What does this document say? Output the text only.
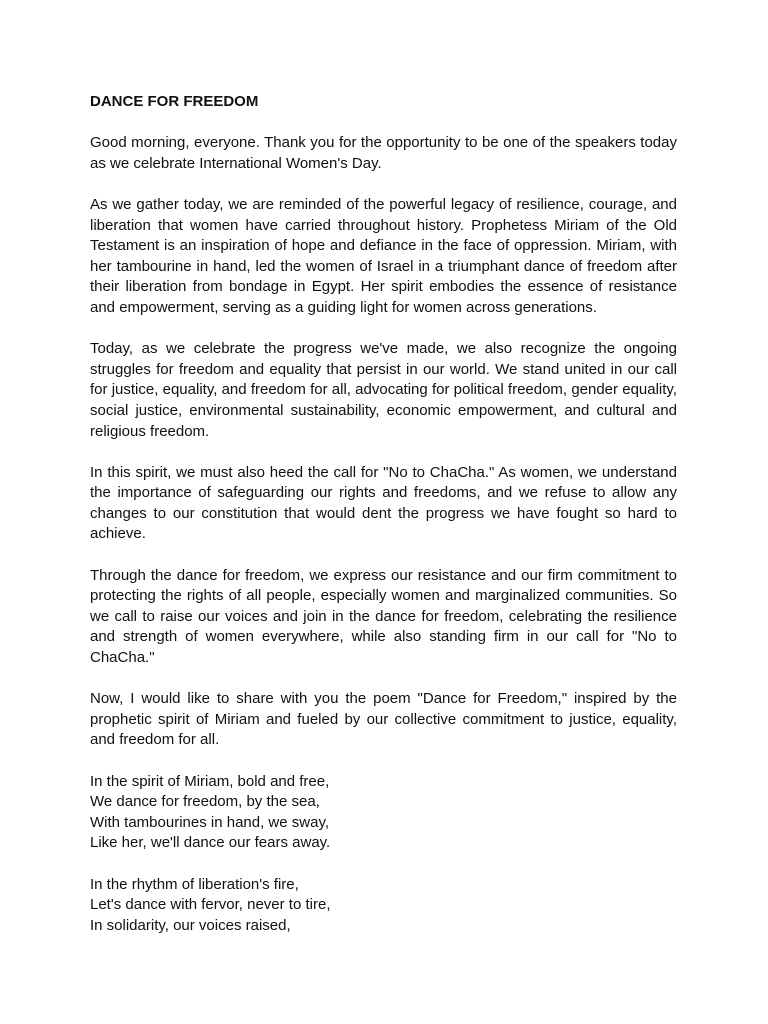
DANCE FOR FREEDOM

Good morning, everyone. Thank you for the opportunity to be one of the speakers today as we celebrate International Women's Day.

As we gather today, we are reminded of the powerful legacy of resilience, courage, and liberation that women have carried throughout history. Prophetess Miriam of the Old Testament is an inspiration of hope and defiance in the face of oppression. Miriam, with her tambourine in hand, led the women of Israel in a triumphant dance of freedom after their liberation from bondage in Egypt. Her spirit embodies the essence of resistance and empowerment, serving as a guiding light for women across generations.

Today, as we celebrate the progress we've made, we also recognize the ongoing struggles for freedom and equality that persist in our world. We stand united in our call for justice, equality, and freedom for all, advocating for political freedom, gender equality, social justice, environmental sustainability, economic empowerment, and cultural and religious freedom.

In this spirit, we must also heed the call for "No to ChaCha." As women, we understand the importance of safeguarding our rights and freedoms, and we refuse to allow any changes to our constitution that would dent the progress we have fought so hard to achieve.

Through the dance for freedom, we express our resistance and our firm commitment to protecting the rights of all people, especially women and marginalized communities. So we call to raise our voices and join in the dance for freedom, celebrating the resilience and strength of women everywhere, while also standing firm in our call for "No to ChaCha."

Now, I would like to share with you the poem "Dance for Freedom," inspired by the prophetic spirit of Miriam and fueled by our collective commitment to justice, equality, and freedom for all.

In the spirit of Miriam, bold and free,
We dance for freedom, by the sea,
With tambourines in hand, we sway,
Like her, we'll dance our fears away.
In the rhythm of liberation's fire,
Let's dance with fervor, never to tire,
In solidarity, our voices raised,
